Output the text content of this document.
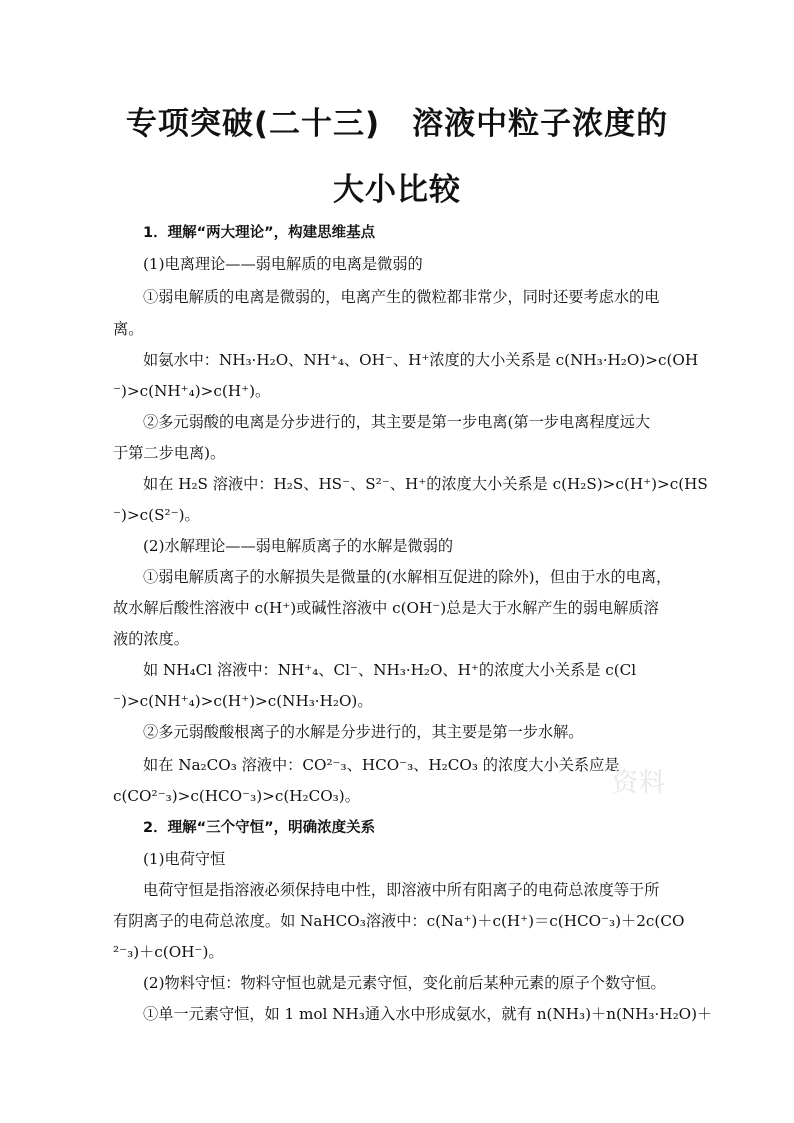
专项突破(二十三)　溶液中粒子浓度的
大小比较
1．理解“两大理论”，构建思维基点
(1)电离理论——弱电解质的电离是微弱的
①弱电解质的电离是微弱的，电离产生的微粒都非常少，同时还要考虑水的电
离。
如氨水中：NH₃·H₂O、NH⁺₄、OH⁻、H⁺浓度的大小关系是 c(NH₃·H₂O)>c(OH
⁻)>c(NH⁺₄)>c(H⁺)。
②多元弱酸的电离是分步进行的，其主要是第一步电离(第一步电离程度远大
于第二步电离)。
如在 H₂S 溶液中：H₂S、HS⁻、S²⁻、H⁺的浓度大小关系是 c(H₂S)>c(H⁺)>c(HS
⁻)>c(S²⁻)。
(2)水解理论——弱电解质离子的水解是微弱的
①弱电解质离子的水解损失是微量的(水解相互促进的除外)，但由于水的电离，
故水解后酸性溶液中 c(H⁺)或碱性溶液中 c(OH⁻)总是大于水解产生的弱电解质溶
液的浓度。
如 NH₄Cl 溶液中：NH⁺₄、Cl⁻、NH₃·H₂O、H⁺的浓度大小关系是 c(Cl
⁻)>c(NH⁺₄)>c(H⁺)>c(NH₃·H₂O)。
②多元弱酸酸根离子的水解是分步进行的，其主要是第一步水解。
如在 Na₂CO₃ 溶液中：CO²⁻₃、HCO⁻₃、H₂CO₃ 的浓度大小关系应是
c(CO²⁻₃)>c(HCO⁻₃)>c(H₂CO₃)。
2．理解“三个守恒”，明确浓度关系
(1)电荷守恒
电荷守恒是指溶液必须保持电中性，即溶液中所有阳离子的电荷总浓度等于所
有阴离子的电荷总浓度。如 NaHCO₃溶液中：c(Na⁺)＋c(H⁺)＝c(HCO⁻₃)＋2c(CO
²⁻₃)＋c(OH⁻)。
(2)物料守恒：物料守恒也就是元素守恒，变化前后某种元素的原子个数守恒。
①单一元素守恒，如 1 mol NH₃通入水中形成氨水，就有 n(NH₃)＋n(NH₃·H₂O)＋
资料
